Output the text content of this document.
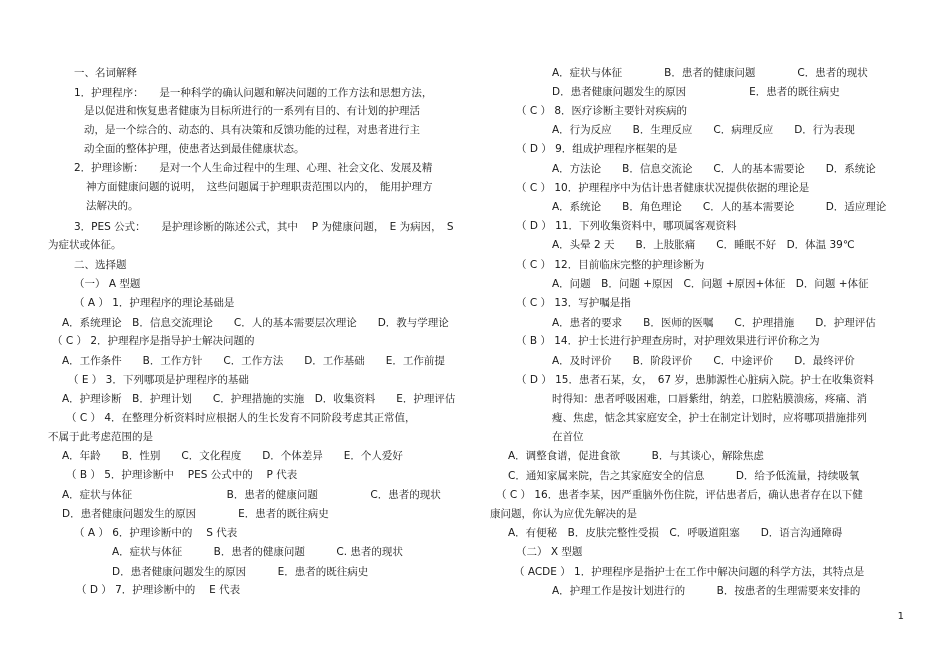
一、名词解释
1．护理程序：　　是一种科学的确认问题和解决问题的工作方法和思想方法，
是以促进和恢复患者健康为目标所进行的一系列有目的、有计划的护理活
动，是一个综合的、动态的、具有决策和反馈功能的过程，对患者进行主
动全面的整体护理，使患者达到最佳健康状态。
2．护理诊断：　　是对一个人生命过程中的生理、心理、社会文化、发展及精
神方面健康问题的说明，　这些问题属于护理职责范围以内的，　能用护理方
法解决的。
3．PES 公式：　　是护理诊断的陈述公式，其中　 P 为健康问题，　E 为病因，　S
为症状或体征。
二、选择题
（一） A 型题
（ A ） 1．护理程序的理论基础是
A．系统理论　B．信息交流理论　　C．人的基本需要层次理论　　D．教与学理论
（ C ） 2．护理程序是指导护士解决问题的
A．工作条件　　B．工作方针　　C．工作方法　　D．工作基础　　E．工作前提
（ E ） 3．下列哪项是护理程序的基础
A．护理诊断　B．护理计划　　C．护理措施的实施　D．收集资料　　E．护理评估
（ C ） 4．在整理分析资料时应根据人的生长发育不同阶段考虑其正常值，
不属于此考虑范围的是
A．年龄　　B．性别　　C．文化程度　　D．个体差异　　E．个人爱好
（ B ） 5．护理诊断中　 PES 公式中的　 P 代表
A．症状与体征　　　　　　　　　B．患者的健康问题　　　　　C．患者的现状
D．患者健康问题发生的原因　　　　E．患者的既往病史
（ A ） 6．护理诊断中的　 S 代表
A．症状与体征　　　B．患者的健康问题　　　C. 患者的现状
D．患者健康问题发生的原因　　　E．患者的既往病史
（ D ） 7．护理诊断中的　 E 代表
A．症状与体征　　　　B．患者的健康问题　　　　C．患者的现状
D．患者健康问题发生的原因　　　　　　E．患者的既往病史
（ C ） 8．医疗诊断主要针对疾病的
A．行为反应　　B．生理反应　　C．病理反应　　D．行为表现
（ D ） 9．组成护理程序框架的是
A．方法论　　B．信息交流论　　C．人的基本需要论　　D．系统论
（ C ） 10．护理程序中为估计患者健康状况提供依据的理论是
A．系统论　　B．角色理论　　C．人的基本需要论　　　D．适应理论
（ D ） 11．下列收集资料中，哪项属客观资料
A．头晕 2 天　　B．上肢胀痛　　C．睡眠不好　D．体温 39℃
（ C ） 12．目前临床完整的护理诊断为
A．问题　B．问题 +原因　C．问题 +原因+体征　D．问题 +体征
（ C ） 13．写护嘱是指
A．患者的要求　　B．医师的医嘱　　C．护理措施　　D．护理评估
（ B ） 14．护士长进行护理查房时，对护理效果进行评价称之为
A．及时评价　　B．阶段评价　　C．中途评价　　D．最终评价
（ D ） 15．患者石某，女，　67 岁，患肺源性心脏病入院。护士在收集资料
时得知：患者呼吸困难，口唇紫绀，纳差，口腔粘膜溃疡，疼痛、消
瘦、焦虑，惦念其家庭安全，护士在制定计划时，应将哪项措施排列
在首位
A．调整食谱，促进食欲　　　B．与其谈心，解除焦虑
C．通知家属来院，告之其家庭安全的信息　　　D．给予低流量，持续吸氧
（ C ） 16．患者李某，因严重脑外伤住院，评估患者后，确认患者存在以下健
康问题，你认为应优先解决的是
A．有便秘　B．皮肤完整性受损　C．呼吸道阻塞　　D．语言沟通障碍
（二） X 型题
（ ACDE ） 1．护理程序是指护士在工作中解决问题的科学方法，其特点是
A．护理工作是按计划进行的　　　B．按患者的生理需要来安排的
1
